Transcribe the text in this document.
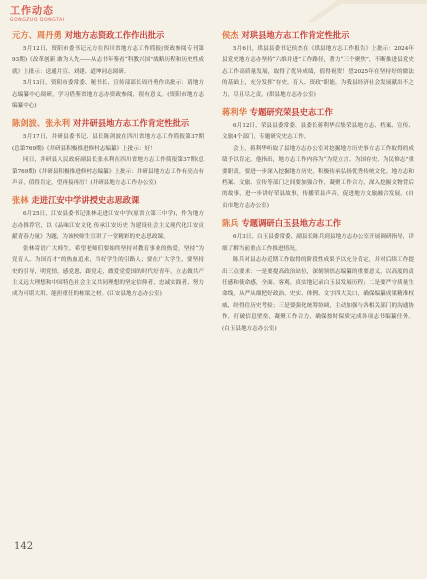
工作动态
GONGZUO DONGTAI
元方、周丹勇 对地方志资政工作作出批示

5月12日，资阳市委书记元方在四川省地方志工作简报(资政参阅专刊第93期)《改革创新 敢为人先——从志书年鉴看“科教兴国”战略历程和历史性成就》上批示：送通月宣、刘建、道坤同志阅研。

5月13日，资阳市委常委、秘书长、宣传部部长周丹勇作出批示：请地方志编纂中心阅研，学习借鉴省地方志办资政参阅，很有意义。(资阳市地方志编纂中心)

陈剑波、张永利 对井研县地方志工作肯定性批示

5月17日，井研县委书记、县长陈剑波在四川省地方志工作简报第37期(总第769期)《井研县积极推进修村志编纂》上批示：好！

同日，井研县人民政府副县长张永利在四川省地方志工作简报第37期(总第769期)《井研县积极推进修村志编纂》上批示：井研县地方志工作有亮点有声音，值得肯定，望再接再厉！(井研县地方志工作办公室)

张林 走进江安中学讲授史志思政课

6月25日，江安县委书记张林走进江安中学(原省立第三中学)，作为地方志办推荐官，以《品味江安文化 传承江安历史 为建设社会主义现代化江安贡献青春力量》为题，为该校师生宣讲了一堂精彩的史志思政课。

张林寄语广大师生，希望老师们要始终坚持对教育事业的热爱，坚持“为党育人、为国育才”的热血追求，当好学生的引路人；要在广大学生，要坚持史的引导，明党情，感党恩，跟党走，做爱党爱国的时代好青年，立志做共产主义远大理想和中国特色社会主义共同理想的坚定信仰者，忠诚实践者，努力成为可堪大用、能担重任的栋梁之材。(江安县地方志办公室)

侯杰 对珙县地方志工作肯定性批示

5月6日，珙县县委书记侯杰在《珙县地方志工作报告》上批示：2024年县党史地方志办坚持“六维并进”工作路径，著力“三个聚焦”，不断推进县党史志工作高质量发展，取得了优异成绩，值得祝贺！望2025年在坚持好的做法的基础上，充分发挥“存史、育人、资政”职能，为我县经济社会发展献出不之力，尽且尽之责。(珙县地方志办公室)

蒋利华 专题研究荣县史志工作

6月12日，荣县县委常委、县委长蒋利华召集荣县地方志、档案、宣传、文旅4个部门，专题研究史志工作。

会上，蒋利华听取了县地方志办公室对挖掘地方历史事方志工作取得的成绩予以肯定。他指出，地方志工作内容为“为党立言、为国存史、为民修志”重要职责，要进一步深入挖掘地方历史，积极传承弘扬优秀传统文化。地方志和档案、文旅、宣传等部门之间要加强合作，凝聚工作合力，深入挖掘文物背后的故事，进一步讲好荣县故事，传播荣县声音，促进地方文旅融合发展。(自贡市地方志办公室)

陈兵 专题调研白玉县地方志工作

6月3日，白玉县委常委、副县长陈兵到县地方志办公室开展调研指导，详细了解当前重点工作推进情况。

陈兵对县志办近期工作取得的阶段性成果予以充分肯定，并对后续工作提出三点要求：一是要提高政治站位，深刻领悟志编纂的重要意义，以高度的责任感和使命感，全面、客观、真实地记录白玉县发展历程；二是要严守质量生命线，从严从细把好政治、史实、体例、文字四大关口，确保编纂成果精准权威，经得住历史考验；三是要强化统筹协调，主动加强与各相关部门的沟通协作，打破信息壁垒，凝聚工作合力，确保按时保质完成各项志书编纂任务。(白玉县地方志办公室)

142
